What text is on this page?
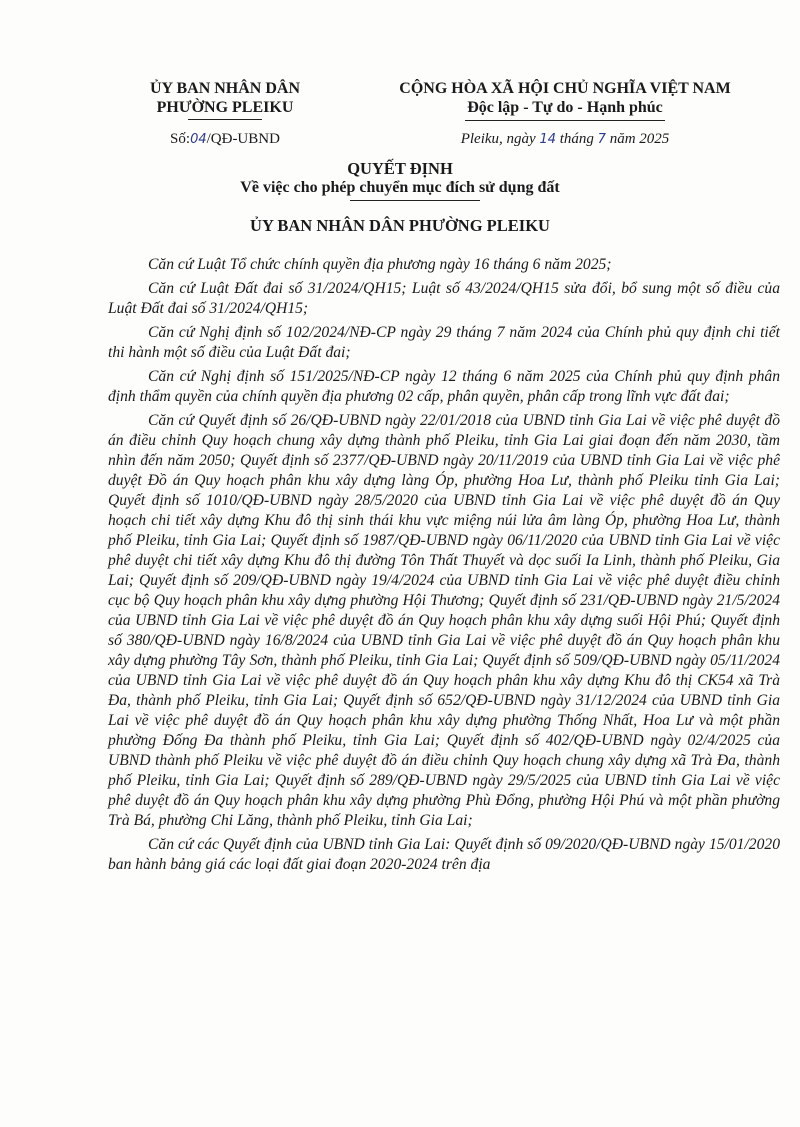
ỦY BAN NHÂN DÂN
PHƯỜNG PLEIKU
Số:04/QĐ-UBND
CỘNG HÒA XÃ HỘI CHỦ NGHĨA VIỆT NAM
Độc lập - Tự do - Hạnh phúc
Pleiku, ngày 14 tháng 7 năm 2025
QUYẾT ĐỊNH
Về việc cho phép chuyển mục đích sử dụng đất
ỦY BAN NHÂN DÂN PHƯỜNG PLEIKU

Căn cứ Luật Tổ chức chính quyền địa phương ngày 16 tháng 6 năm 2025;

Căn cứ Luật Đất đai số 31/2024/QH15; Luật số 43/2024/QH15 sửa đổi, bổ sung một số điều của Luật Đất đai số 31/2024/QH15;

Căn cứ Nghị định số 102/2024/NĐ-CP ngày 29 tháng 7 năm 2024 của Chính phủ quy định chi tiết thi hành một số điều của Luật Đất đai;

Căn cứ Nghị định số 151/2025/NĐ-CP ngày 12 tháng 6 năm 2025 của Chính phủ quy định phân định thẩm quyền của chính quyền địa phương 02 cấp, phân quyền, phân cấp trong lĩnh vực đất đai;

Căn cứ Quyết định số 26/QĐ-UBND ngày 22/01/2018 của UBND tỉnh Gia Lai về việc phê duyệt đồ án điều chỉnh Quy hoạch chung xây dựng thành phố Pleiku, tỉnh Gia Lai giai đoạn đến năm 2030, tầm nhìn đến năm 2050; Quyết định số 2377/QĐ-UBND ngày 20/11/2019 của UBND tỉnh Gia Lai về việc phê duyệt Đồ án Quy hoạch phân khu xây dựng làng Óp, phường Hoa Lư, thành phố Pleiku tỉnh Gia Lai; Quyết định số 1010/QĐ-UBND ngày 28/5/2020 của UBND tỉnh Gia Lai về việc phê duyệt đồ án Quy hoạch chi tiết xây dựng Khu đô thị sinh thái khu vực miệng núi lửa âm làng Óp, phường Hoa Lư, thành phố Pleiku, tỉnh Gia Lai; Quyết định số 1987/QĐ-UBND ngày 06/11/2020 của UBND tỉnh Gia Lai về việc phê duyệt chi tiết xây dựng Khu đô thị đường Tôn Thất Thuyết và dọc suối Ia Linh, thành phố Pleiku, Gia Lai; Quyết định số 209/QĐ-UBND ngày 19/4/2024 của UBND tỉnh Gia Lai về việc phê duyệt điều chỉnh cục bộ Quy hoạch phân khu xây dựng phường Hội Thương; Quyết định số 231/QĐ-UBND ngày 21/5/2024 của UBND tỉnh Gia Lai về việc phê duyệt đồ án Quy hoạch phân khu xây dựng suối Hội Phú; Quyết định số 380/QĐ-UBND ngày 16/8/2024 của UBND tỉnh Gia Lai về việc phê duyệt đồ án Quy hoạch phân khu xây dựng phường Tây Sơn, thành phố Pleiku, tỉnh Gia Lai; Quyết định số 509/QĐ-UBND ngày 05/11/2024 của UBND tỉnh Gia Lai về việc phê duyệt đồ án Quy hoạch phân khu xây dựng Khu đô thị CK54 xã Trà Đa, thành phố Pleiku, tỉnh Gia Lai; Quyết định số 652/QĐ-UBND ngày 31/12/2024 của UBND tỉnh Gia Lai về việc phê duyệt đồ án Quy hoạch phân khu xây dựng phường Thống Nhất, Hoa Lư và một phần phường Đống Đa thành phố Pleiku, tỉnh Gia Lai; Quyết định số 402/QĐ-UBND ngày 02/4/2025 của UBND thành phố Pleiku về việc phê duyệt đồ án điều chỉnh Quy hoạch chung xây dựng xã Trà Đa, thành phố Pleiku, tỉnh Gia Lai; Quyết định số 289/QĐ-UBND ngày 29/5/2025 của UBND tỉnh Gia Lai về việc phê duyệt đồ án Quy hoạch phân khu xây dựng phường Phù Đổng, phường Hội Phú và một phần phường Trà Bá, phường Chi Lăng, thành phố Pleiku, tỉnh Gia Lai;

Căn cứ các Quyết định của UBND tỉnh Gia Lai: Quyết định số 09/2020/QĐ-UBND ngày 15/01/2020 ban hành bảng giá các loại đất giai đoạn 2020-2024 trên địa
